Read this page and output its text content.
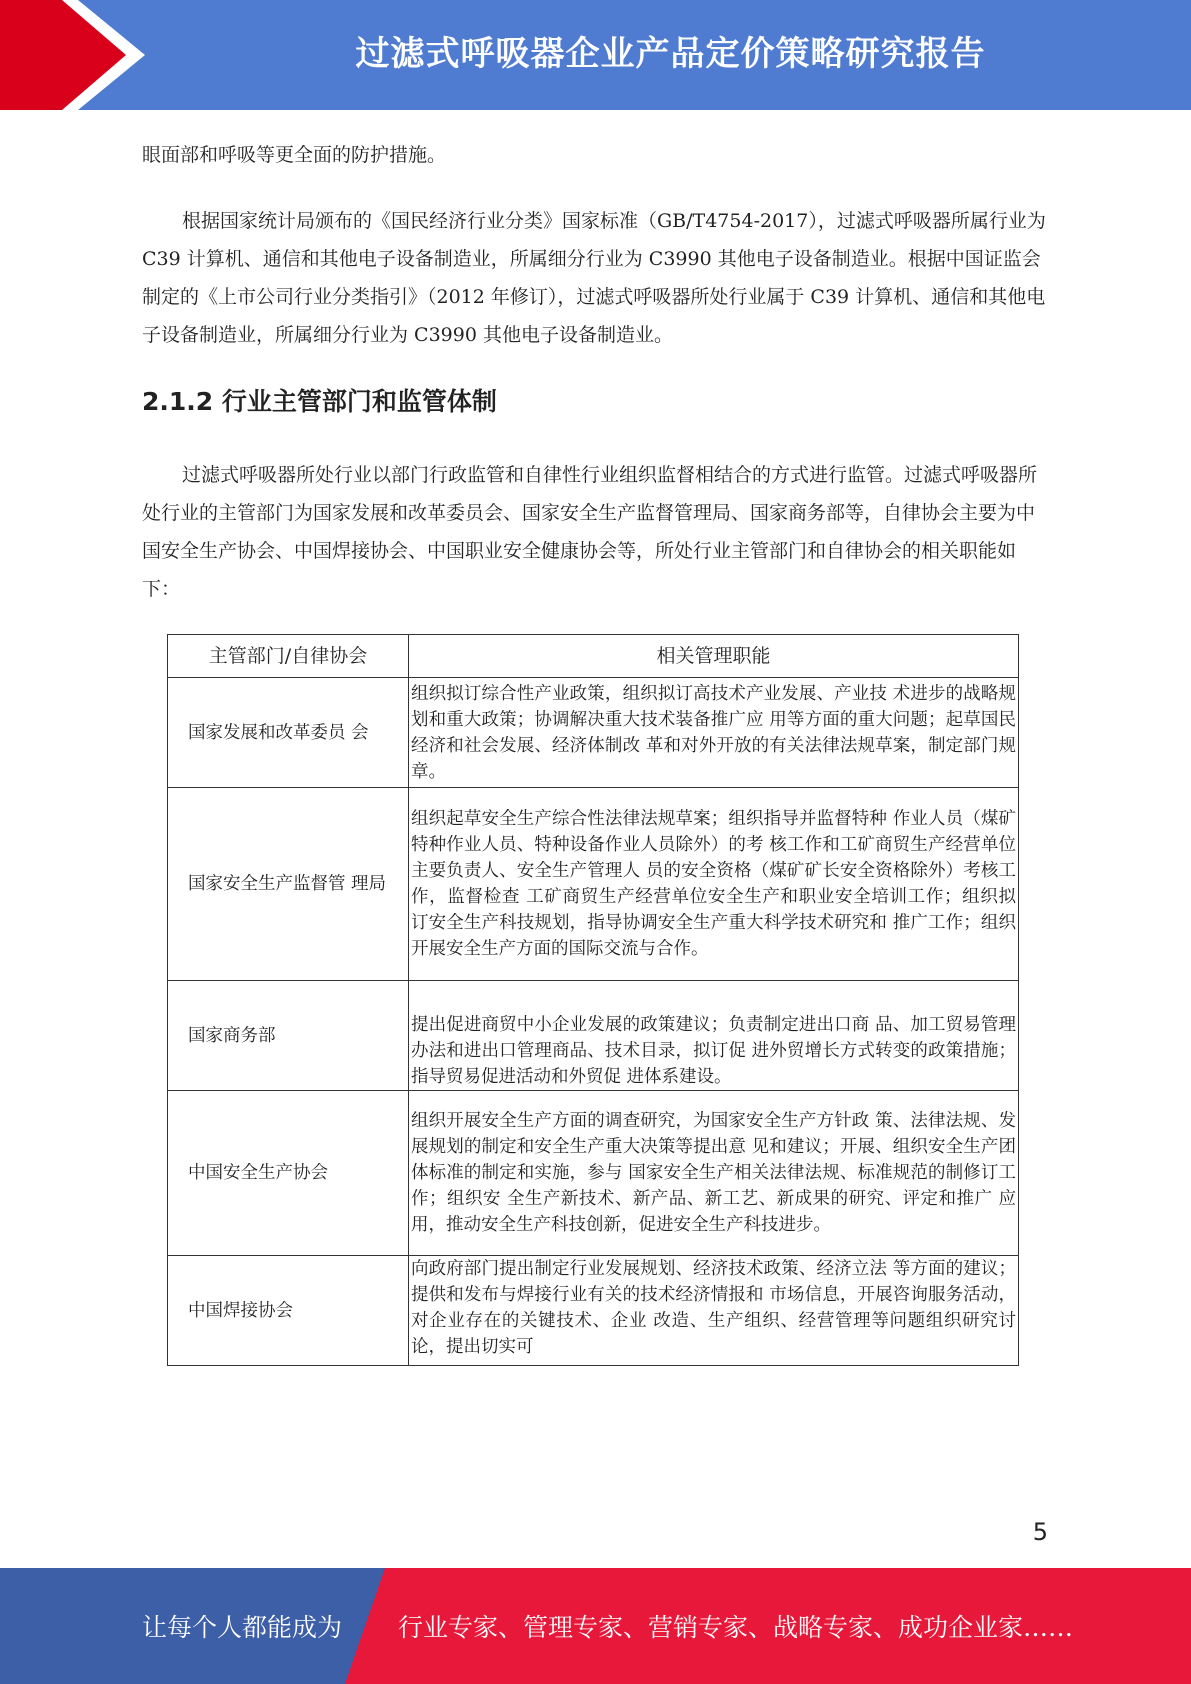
过滤式呼吸器企业产品定价策略研究报告

眼面部和呼吸等更全面的防护措施。

根据国家统计局颁布的《国民经济行业分类》国家标准（GB/T4754-2017），过滤式呼吸器所属行业为 C39 计算机、通信和其他电子设备制造业，所属细分行业为 C3990 其他电子设备制造业。根据中国证监会制定的《上市公司行业分类指引》（2012 年修订），过滤式呼吸器所处行业属于 C39 计算机、通信和其他电子设备制造业，所属细分行业为 C3990 其他电子设备制造业。

2.1.2 行业主管部门和监管体制

过滤式呼吸器所处行业以部门行政监管和自律性行业组织监督相结合的方式进行监管。过滤式呼吸器所处行业的主管部门为国家发展和改革委员会、国家安全生产监督管理局、国家商务部等，自律协会主要为中国安全生产协会、中国焊接协会、中国职业安全健康协会等，所处行业主管部门和自律协会的相关职能如下：

主管部门/自律协会	相关管理职能
国家发展和改革委员 会	组织拟订综合性产业政策，组织拟订高技术产业发展、产业技 术进步的战略规划和重大政策；协调解决重大技术装备推广应 用等方面的重大问题；起草国民经济和社会发展、经济体制改 革和对外开放的有关法律法规草案，制定部门规章。
国家安全生产监督管 理局	组织起草安全生产综合性法律法规草案；组织指导并监督特种 作业人员（煤矿特种作业人员、特种设备作业人员除外）的考 核工作和工矿商贸生产经营单位主要负责人、安全生产管理人 员的安全资格（煤矿矿长安全资格除外）考核工作，监督检查 工矿商贸生产经营单位安全生产和职业安全培训工作；组织拟 订安全生产科技规划，指导协调安全生产重大科学技术研究和 推广工作；组织开展安全生产方面的国际交流与合作。
国家商务部	提出促进商贸中小企业发展的政策建议；负责制定进出口商 品、加工贸易管理办法和进出口管理商品、技术目录，拟订促 进外贸增长方式转变的政策措施；指导贸易促进活动和外贸促 进体系建设。
中国安全生产协会	组织开展安全生产方面的调查研究，为国家安全生产方针政 策、法律法规、发展规划的制定和安全生产重大决策等提出意 见和建议；开展、组织安全生产团体标准的制定和实施，参与 国家安全生产相关法律法规、标准规范的制修订工作；组织安 全生产新技术、新产品、新工艺、新成果的研究、评定和推广 应用，推动安全生产科技创新，促进安全生产科技进步。
中国焊接协会	向政府部门提出制定行业发展规划、经济技术政策、经济立法 等方面的建议；提供和发布与焊接行业有关的技术经济情报和 市场信息，开展咨询服务活动，对企业存在的关键技术、企业 改造、生产组织、经营管理等问题组织研究讨论，提出切实可
5
让每个人都能成为 行业专家、管理专家、营销专家、战略专家、成功企业家……
